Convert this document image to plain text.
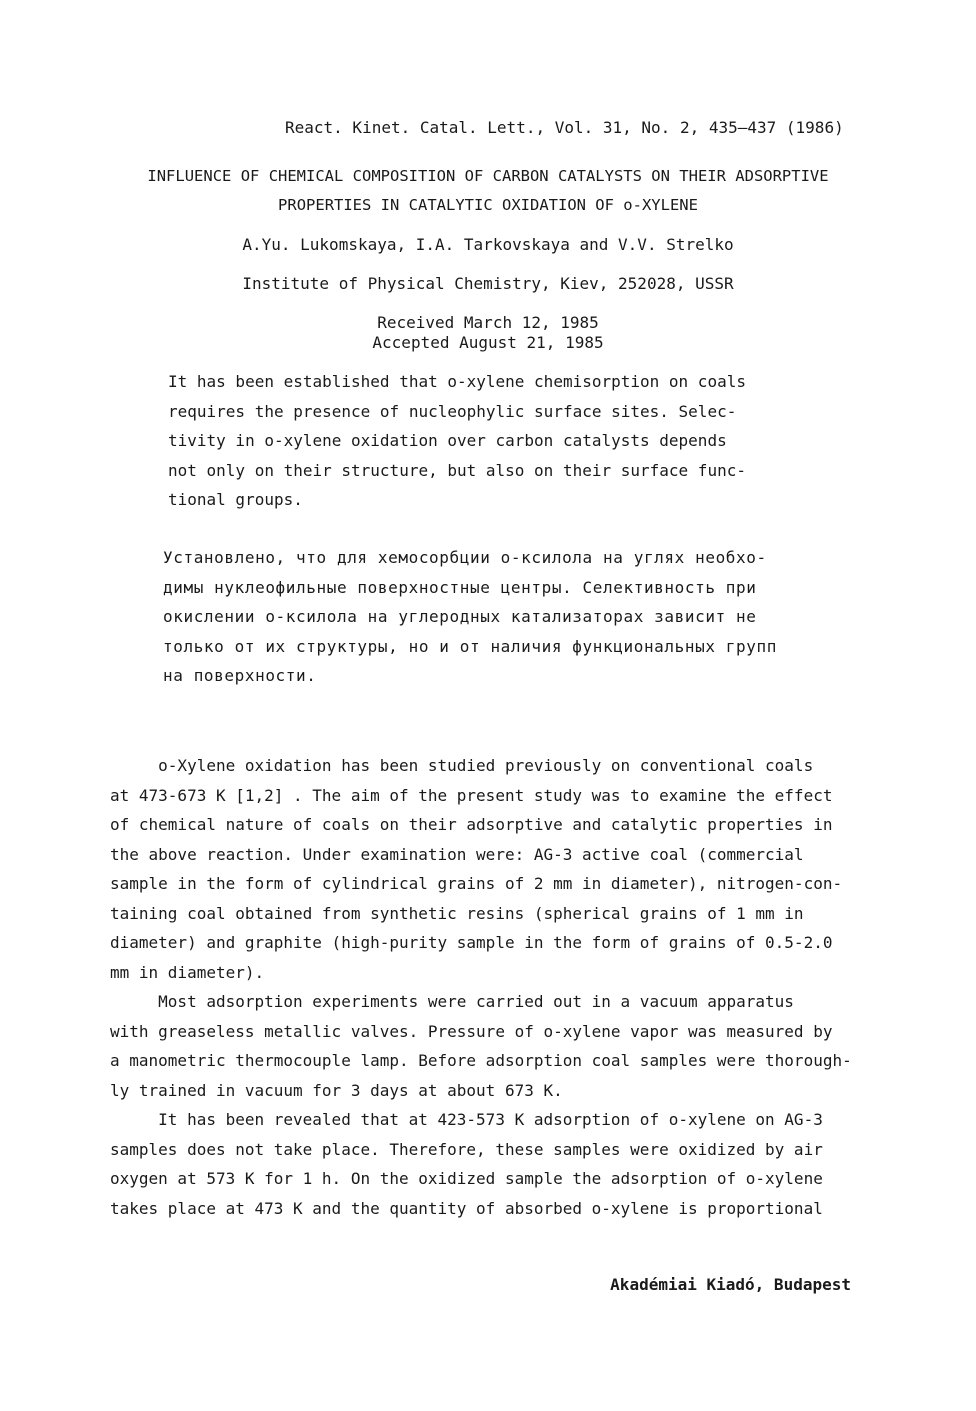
React. Kinet. Catal. Lett., Vol. 31, No. 2, 435—437 (1986)
INFLUENCE OF CHEMICAL COMPOSITION OF CARBON CATALYSTS ON THEIR ADSORPTIVE
PROPERTIES IN CATALYTIC OXIDATION OF o-XYLENE
A.Yu. Lukomskaya, I.A. Tarkovskaya and V.V. Strelko
Institute of Physical Chemistry, Kiev, 252028, USSR
Received March 12, 1985
Accepted August 21, 1985
It has been established that o-xylene chemisorption on coals
requires the presence of nucleophylic surface sites. Selec-
tivity in o-xylene oxidation over carbon catalysts depends
not only on their structure, but also on their surface func-
tional groups.
Установлено, что для хемосорбции о-ксилола на углях необхо-
димы нуклеофильные поверхностные центры. Селективность при
окислении о-ксилола на углеродных катализаторах зависит не
только от их структуры, но и от наличия функциональных групп
на поверхности.
o-Xylene oxidation has been studied previously on conventional coals
at 473-673 K [1,2] . The aim of the present study was to examine the effect
of chemical nature of coals on their adsorptive and catalytic properties in
the above reaction. Under examination were: AG-3 active coal (commercial
sample in the form of cylindrical grains of 2 mm in diameter), nitrogen-con-
taining coal obtained from synthetic resins (spherical grains of 1 mm in
diameter) and graphite (high-purity sample in the form of grains of 0.5-2.0
mm in diameter).
Most adsorption experiments were carried out in a vacuum apparatus
with greaseless metallic valves. Pressure of o-xylene vapor was measured by
a manometric thermocouple lamp. Before adsorption coal samples were thorough-
ly trained in vacuum for 3 days at about 673 K.
It has been revealed that at 423-573 K adsorption of o-xylene on AG-3
samples does not take place. Therefore, these samples were oxidized by air
oxygen at 573 K for 1 h. On the oxidized sample the adsorption of o-xylene
takes place at 473 K and the quantity of absorbed o-xylene is proportional
Akadémiai Kiadó, Budapest
